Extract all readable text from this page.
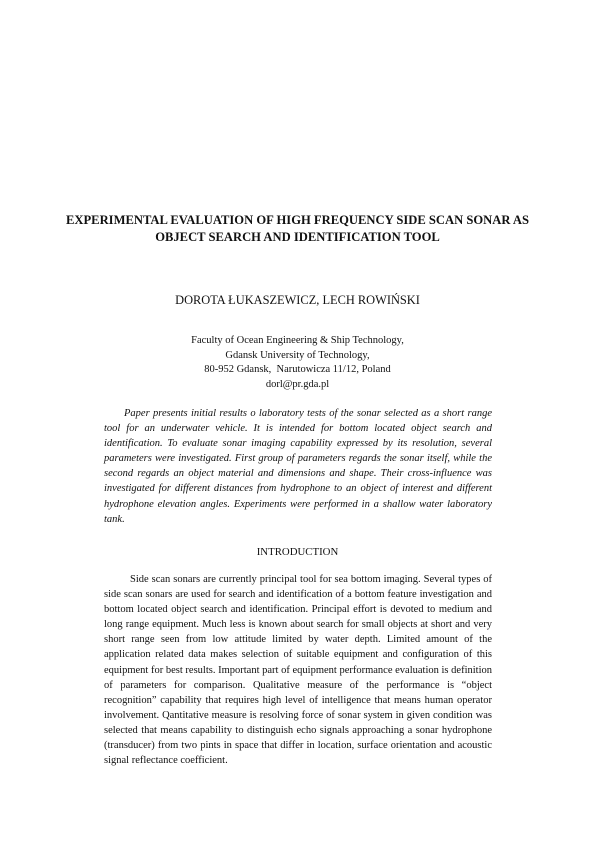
EXPERIMENTAL EVALUATION OF HIGH FREQUENCY SIDE SCAN SONAR AS OBJECT SEARCH AND IDENTIFICATION TOOL
DOROTA ŁUKASZEWICZ, LECH ROWIŃSKI
Faculty of Ocean Engineering & Ship Technology,
Gdansk University of Technology,
80-952 Gdansk,  Narutowicza 11/12, Poland
dorl@pr.gda.pl

Paper presents initial results o laboratory tests of the sonar selected as a short range tool for an underwater vehicle. It is intended for bottom located object search and identification. To evaluate sonar imaging capability expressed by its resolution, several parameters were investigated. First group of parameters regards the sonar itself, while the second regards an object material and dimensions and shape. Their cross-influence was investigated for different distances from hydrophone to an object of interest and different hydrophone elevation angles. Experiments were performed in a shallow water laboratory tank.

INTRODUCTION

Side scan sonars are currently principal tool for sea bottom imaging. Several types of side scan sonars are used for search and identification of a bottom feature investigation and bottom located object search and identification. Principal effort is devoted to medium and long range equipment. Much less is known about search for small objects at short and very short range seen from low attitude limited by water depth. Limited amount of the application related data makes selection of suitable equipment and configuration of this equipment for best results. Important part of equipment performance evaluation is definition of parameters for comparison. Qualitative measure of the performance is “object recognition” capability that requires high level of intelligence that means human operator involvement. Qantitative measure is resolving force of sonar system in given condition was selected that means capability to distinguish echo signals approaching a sonar hydrophone (transducer) from two pints in space that differ in location, surface orientation and acoustic signal reflectance coefficient.
